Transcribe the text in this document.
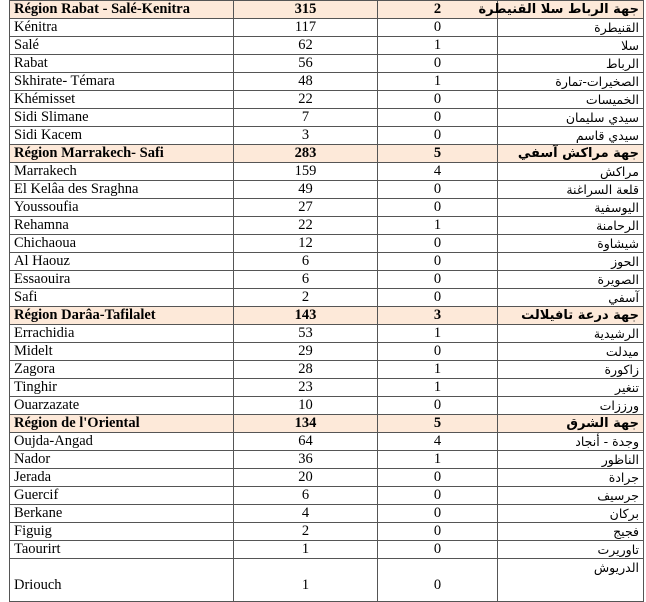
Région Rabat - Salé-Kenitra	315	2	جهة الرباط سلا القنيطرة
Kénitra	117	0	القنيطرة
Salé	62	1	سلا
Rabat	56	0	الرباط
Skhirate- Témara	48	1	الصخيرات-تمارة
Khémisset	22	0	الخميسات
Sidi Slimane	7	0	سيدي سليمان
Sidi Kacem	3	0	سيدي قاسم
Région Marrakech- Safi	283	5	جهة مراكش آسفي
Marrakech	159	4	مراكش
El Kelâa des Sraghna	49	0	قلعة السراغنة
Youssoufia	27	0	اليوسفية
Rehamna	22	1	الرحامنة
Chichaoua	12	0	شيشاوة
Al Haouz	6	0	الحوز
Essaouira	6	0	الصويرة
Safi	2	0	آسفي
Région Darâa-Tafilalet	143	3	جهة درعة تافيلالت
Errachidia	53	1	الرشيدية
Midelt	29	0	ميدلت
Zagora	28	1	زاكورة
Tinghir	23	1	تنغير
Ouarzazate	10	0	ورززات
Région de l'Oriental	134	5	جهة الشرق
Oujda-Angad	64	4	وجدة - أنجاد
Nador	36	1	الناظور
Jerada	20	0	جرادة
Guercif	6	0	جرسيف
Berkane	4	0	بركان
Figuig	2	0	فجيج
Taourirt	1	0	تاوريرت
Driouch	1	0	الدريوش
